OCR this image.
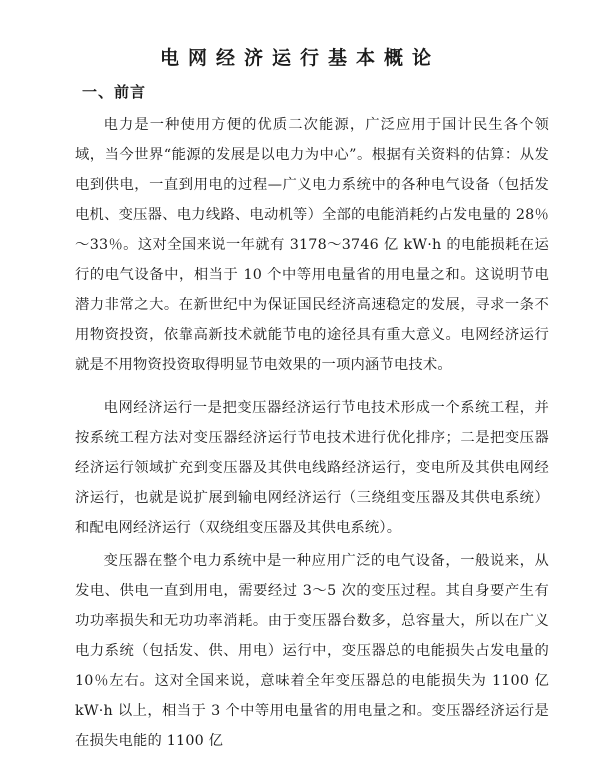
电网经济运行基本概论
一、前言

电力是一种使用方便的优质二次能源，广泛应用于国计民生各个领域，当今世界“能源的发展是以电力为中心”。根据有关资料的估算：从发电到供电，一直到用电的过程—广义电力系统中的各种电气设备（包括发电机、变压器、电力线路、电动机等）全部的电能消耗约占发电量的 28％～33％。这对全国来说一年就有 3178～3746 亿 kW·h 的电能损耗在运行的电气设备中，相当于 10 个中等用电量省的用电量之和。这说明节电潜力非常之大。在新世纪中为保证国民经济高速稳定的发展，寻求一条不用物资投资，依靠高新技术就能节电的途径具有重大意义。电网经济运行就是不用物资投资取得明显节电效果的一项内涵节电技术。

电网经济运行一是把变压器经济运行节电技术形成一个系统工程，并按系统工程方法对变压器经济运行节电技术进行优化排序；二是把变压器经济运行领域扩充到变压器及其供电线路经济运行，变电所及其供电网经济运行，也就是说扩展到输电网经济运行（三绕组变压器及其供电系统）和配电网经济运行（双绕组变压器及其供电系统）。

变压器在整个电力系统中是一种应用广泛的电气设备，一般说来，从发电、供电一直到用电，需要经过 3～5 次的变压过程。其自身要产生有功功率损失和无功功率消耗。由于变压器台数多，总容量大，所以在广义电力系统（包括发、供、用电）运行中，变压器总的电能损失占发电量的 10％左右。这对全国来说，意味着全年变压器总的电能损失为 1100 亿 kW·h 以上，相当于 3 个中等用电量省的用电量之和。变压器经济运行是在损失电能的 1100 亿
